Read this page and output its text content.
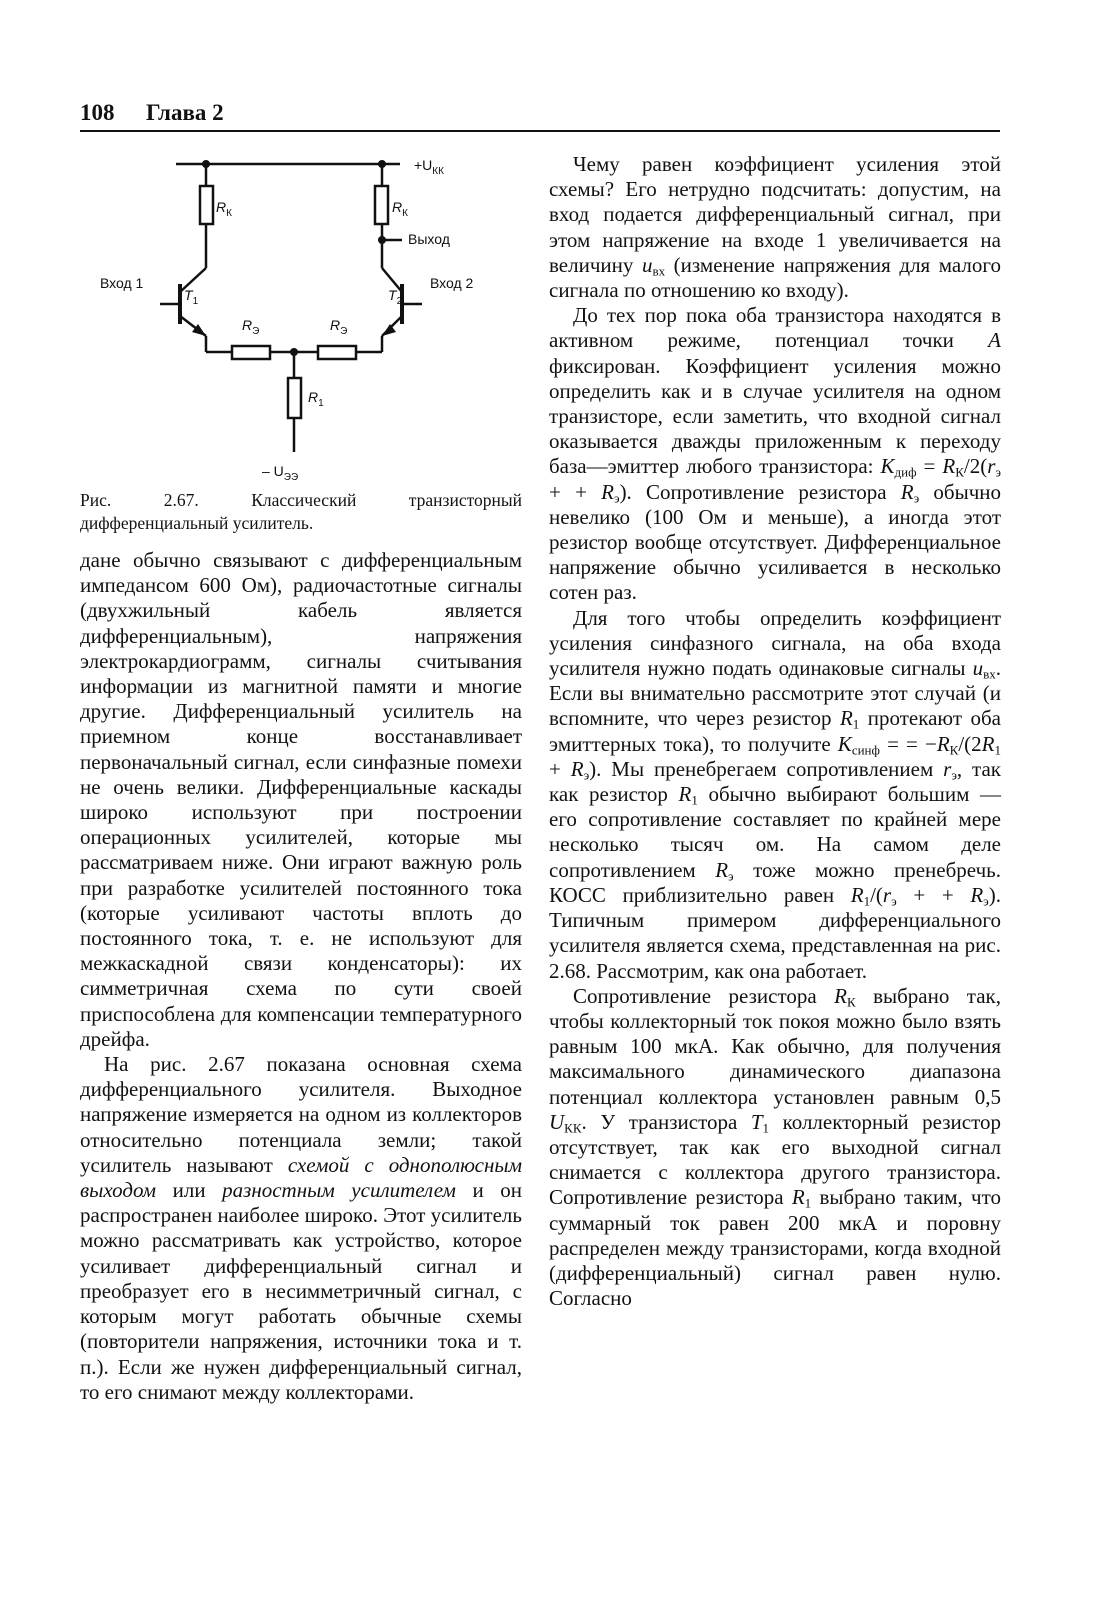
108 Глава 2
$+U_{КК}$
$R_К$	$R_К$
Выход
Вход 1	Вход 2
$T_1$	$T_2$
$R_Э$	$R_Э$
$R_1$
– $U_{ЭЭ}$
Рис. 2.67. Классический транзисторный дифференциальный усилитель.

дане обычно связывают с дифференциальным импедансом 600 Ом), радиочастотные сигналы (двухжильный кабель является дифференциальным), напряжения электрокардиограмм, сигналы считывания информации из магнитной памяти и многие другие. Дифференциальный усилитель на приемном конце восстанавливает первоначальный сигнал, если синфазные помехи не очень велики. Дифференциальные каскады широко используют при построении операционных усилителей, которые мы рассматриваем ниже. Они играют важную роль при разработке усилителей постоянного тока (которые усиливают частоты вплоть до постоянного тока, т. е. не используют для межкаскадной связи конденсаторы): их симметричная схема по сути своей приспособлена для компенсации температурного дрейфа.

На рис. 2.67 показана основная схема дифференциального усилителя. Выходное напряжение измеряется на одном из коллекторов относительно потенциала земли; такой усилитель называют схемой с однополюсным выходом или разностным усилителем и он распространен наиболее широко. Этот усилитель можно рассматривать как устройство, которое усиливает дифференциальный сигнал и преобразует его в несимметричный сигнал, с которым могут работать обычные схемы (повторители напряжения, источники тока и т. п.). Если же нужен дифференциальный сигнал, то его снимают между коллекторами.

Чему равен коэффициент усиления этой схемы? Его нетрудно подсчитать: допустим, на вход подается дифференциальный сигнал, при этом напряжение на входе 1 увеличивается на величину $u_{вх}$ (изменение напряжения для малого сигнала по отношению ко входу).

До тех пор пока оба транзистора находятся в активном режиме, потенциал точки A фиксирован. Коэффициент усиления можно определить как и в случае усилителя на одном транзисторе, если заметить, что входной сигнал оказывается дважды приложенным к переходу база—эмиттер любого транзистора: $K_{диф} = R_К/2(r_э$ + + $R_э$). Сопротивление резистора $R_э$ обычно невелико (100 Ом и меньше), а иногда этот резистор вообще отсутствует. Дифференциальное напряжение обычно усиливается в несколько сотен раз.

Для того чтобы определить коэффициент усиления синфазного сигнала, на оба входа усилителя нужно подать одинаковые сигналы $u_{вх}$. Если вы внимательно рассмотрите этот случай (и вспомните, что через резистор $R_1$ протекают оба эмиттерных тока), то получите $K_{синф}$ = = $-R_К/(2R_1 + R_э)$. Мы пренебрегаем сопротивлением $r_э$, так как резистор $R_1$ обычно выбирают большим — его сопротивление составляет по крайней мере несколько тысяч ом. На самом деле сопротивлением $R_э$ тоже можно пренебречь. КОСС приблизительно равен $R_1/(r_э$ + + $R_э$). Типичным примером дифференциального усилителя является схема, представленная на рис. 2.68. Рассмотрим, как она работает.

Сопротивление резистора $R_К$ выбрано так, чтобы коллекторный ток покоя можно было взять равным 100 мкА. Как обычно, для получения максимального динамического диапазона потенциал коллектора установлен равным 0,5 $U_{КК}$. У транзистора $T_1$ коллекторный резистор отсутствует, так как его выходной сигнал снимается с коллектора другого транзистора. Сопротивление резистора $R_1$ выбрано таким, что суммарный ток равен 200 мкА и поровну распределен между транзисторами, когда входной (дифференциальный) сигнал равен нулю. Согласно
